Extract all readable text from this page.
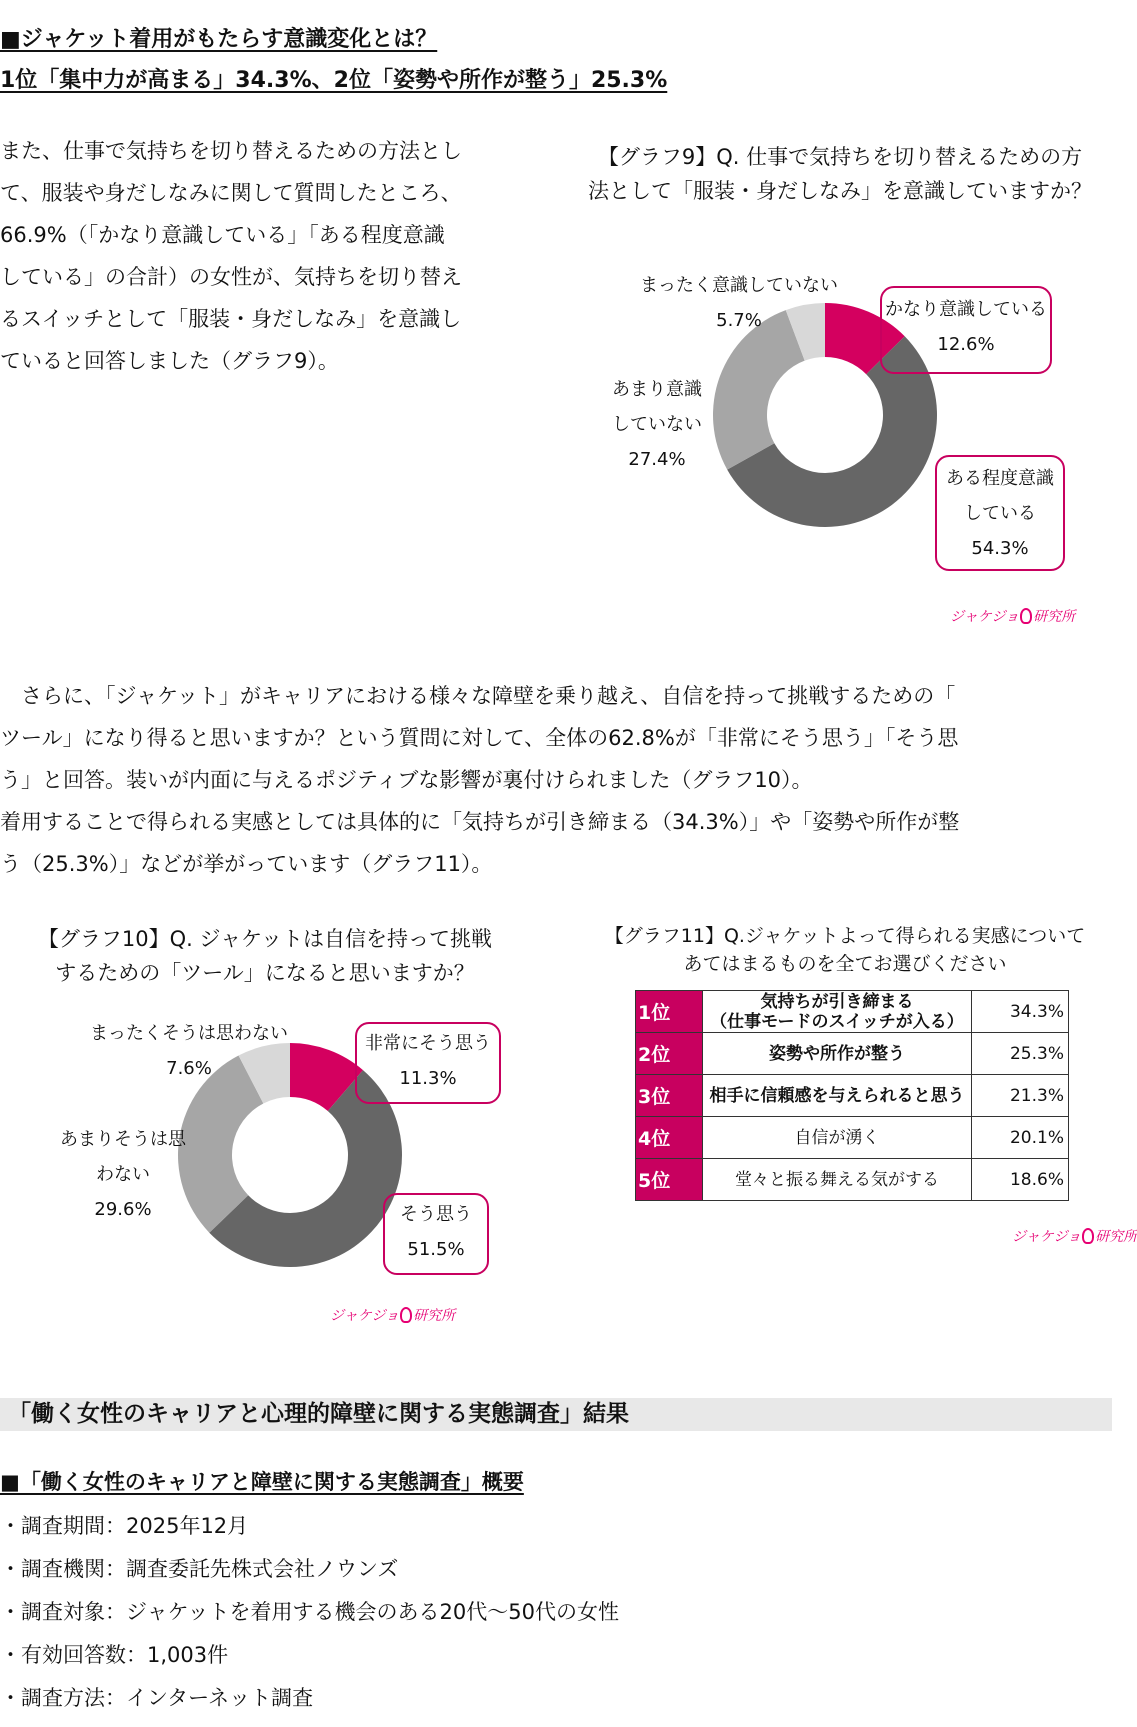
■ジャケット着用がもたらす意識変化とは？
1位「集中力が高まる」34.3%、2位「姿勢や所作が整う」25.3%
また、仕事で気持ちを切り替えるための方法とし
て、服装や身だしなみに関して質問したところ、
66.9%（「かなり意識している」「ある程度意識
している」の合計）の女性が、気持ちを切り替え
るスイッチとして「服装・身だしなみ」を意識し
ていると回答しました（グラフ9）。
【グラフ9】Q. 仕事で気持ちを切り替えるための方
法として「服装・身だしなみ」を意識していますか？
まったく意識していない
5.7%
かなり意識している
12.6%
あまり意識
していない
27.4%
ある程度意識
している
54.3%
ジャケジョ 研究所
　さらに、「ジャケット」がキャリアにおける様々な障壁を乗り越え、自信を持って挑戦するための「
ツール」になり得ると思いますか？という質問に対して、全体の62.8%が「非常にそう思う」「そう思
う」と回答。装いが内面に与えるポジティブな影響が裏付けられました（グラフ10）。
着用することで得られる実感としては具体的に「気持ちが引き締まる（34.3%）」や「姿勢や所作が整
う（25.3%）」などが挙がっています（グラフ11）。
【グラフ10】Q. ジャケットは自信を持って挑戦
するための「ツール」になると思いますか？
まったくそうは思わない
7.6%
非常にそう思う
11.3%
あまりそうは思
わない
29.6%	そう思う
51.5%
ジャケジョ 研究所
【グラフ11】Q.ジャケットよって得られる実感について
あてはまるものを全てお選びください
1位	気持ちが引き締まる
（仕事モードのスイッチが入る）	34.3%
2位	姿勢や所作が整う	25.3%
3位	相手に信頼感を与えられると思う	21.3%
4位	自信が湧く	20.1%
5位	堂々と振る舞える気がする	18.6%
ジャケジョ 研究所
「働く女性のキャリアと心理的障壁に関する実態調査」結果
■「働く女性のキャリアと障壁に関する実態調査」概要
・調査期間：2025年12月
・調査機関：調査委託先株式会社ノウンズ
・調査対象：ジャケットを着用する機会のある20代～50代の女性
・有効回答数：1,003件
・調査方法：インターネット調査
